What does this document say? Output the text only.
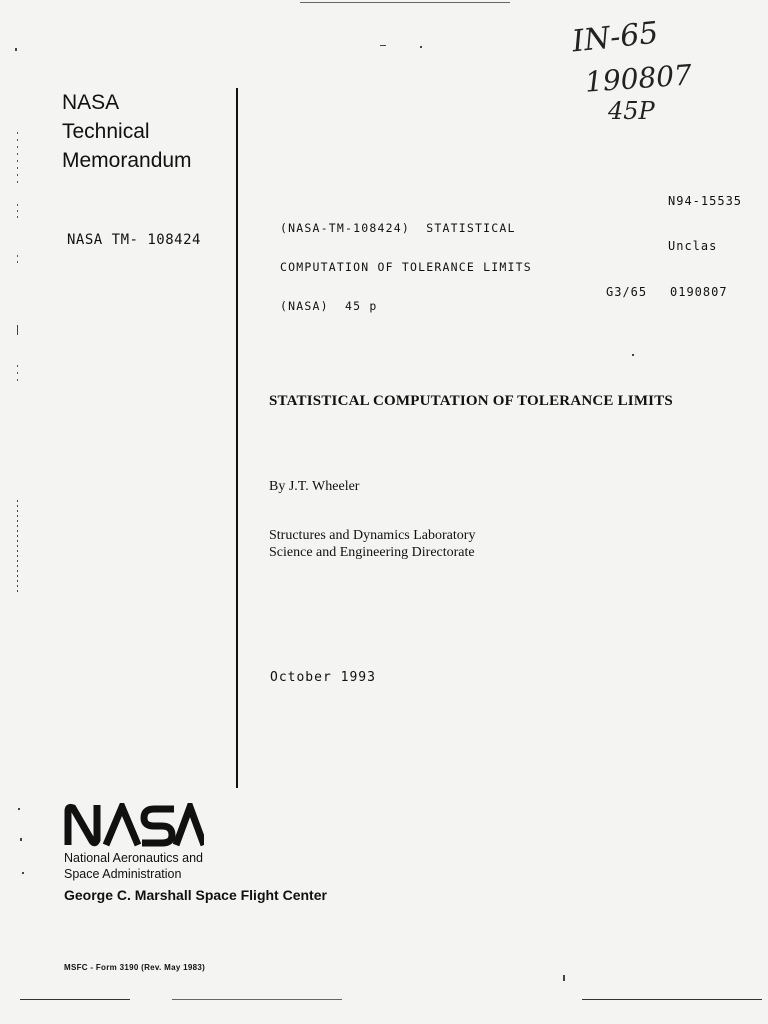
NASA
Technical
Memorandum
NASA TM- 108424
IN-65
190807
45P

(NASA-TM-108424)  STATISTICAL

COMPUTATION OF TOLERANCE LIMITS

(NASA)  45 p

N94-15535
Unclas
G3/65 0190807
STATISTICAL COMPUTATION OF TOLERANCE LIMITS
By J.T. Wheeler
Structures and Dynamics Laboratory
Science and Engineering Directorate
October 1993
National Aeronautics and
Space Administration
George C. Marshall Space Flight Center
MSFC - Form 3190 (Rev. May 1983)
